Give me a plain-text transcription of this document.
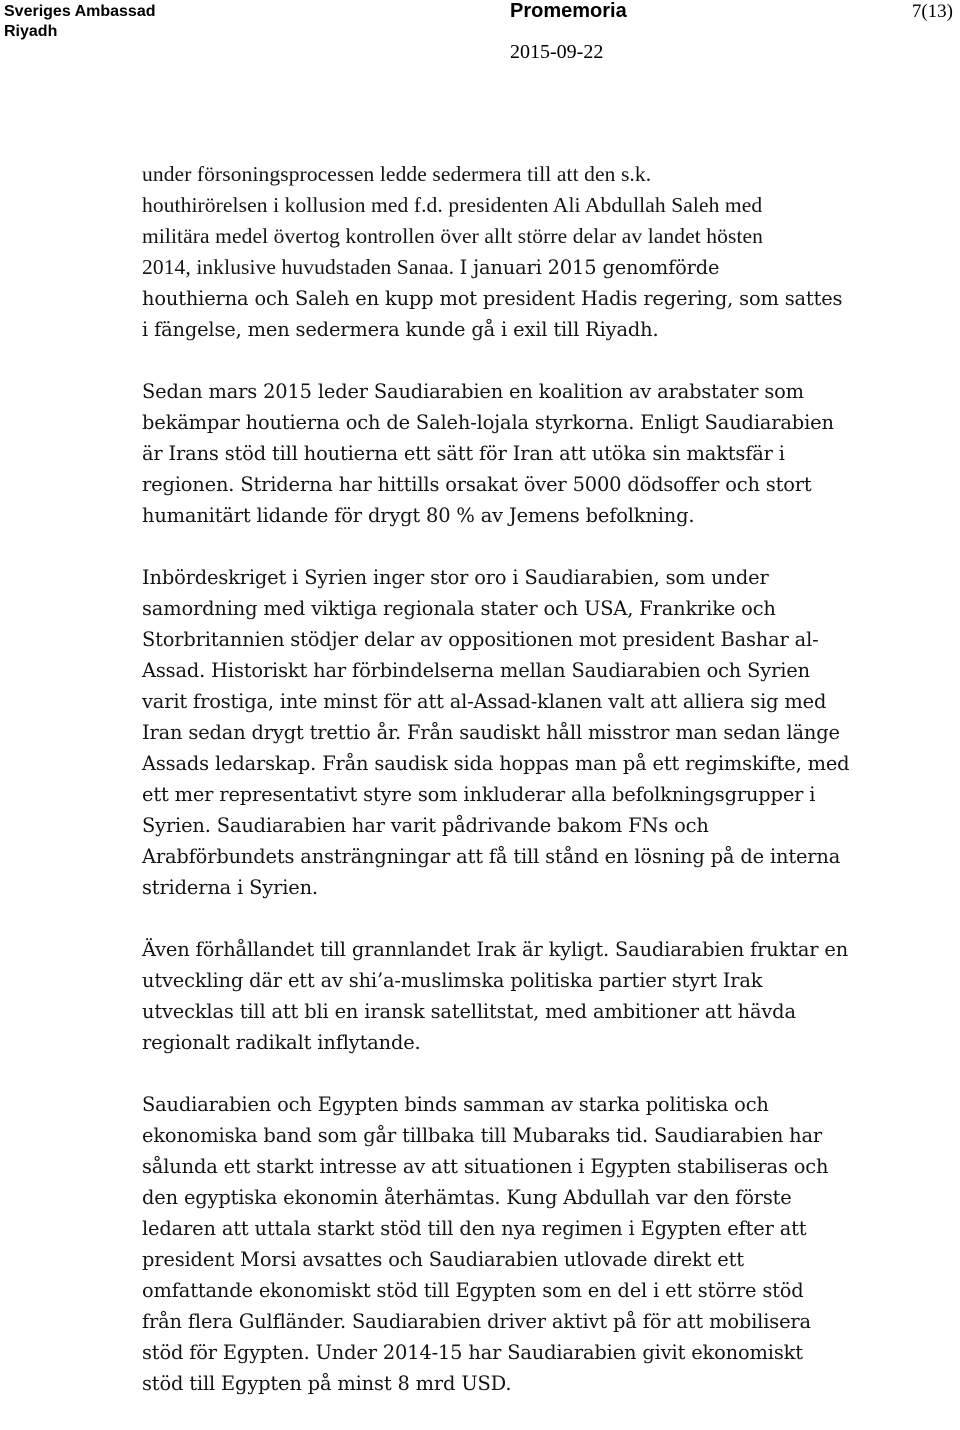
Sveriges Ambassad
Riyadh
Promemoria
2015-09-22
7(13)

under försoningsprocessen ledde sedermera till att den s.k.
houthirörelsen i kollusion med f.d. presidenten Ali Abdullah Saleh med
militära medel övertog kontrollen över allt större delar av landet hösten
2014, inklusive huvudstaden Sanaa. I januari 2015 genomförde
houthierna och Saleh en kupp mot president Hadis regering, som sattes
i fängelse, men sedermera kunde gå i exil till Riyadh.

Sedan mars 2015 leder Saudiarabien en koalition av arabstater som
bekämpar houtierna och de Saleh-lojala styrkorna. Enligt Saudiarabien
är Irans stöd till houtierna ett sätt för Iran att utöka sin maktsfär i
regionen. Striderna har hittills orsakat över 5000 dödsoffer och stort
humanitärt lidande för drygt 80 % av Jemens befolkning.

Inbördeskriget i Syrien inger stor oro i Saudiarabien, som under
samordning med viktiga regionala stater och USA, Frankrike och
Storbritannien stödjer delar av oppositionen mot president Bashar al-
Assad. Historiskt har förbindelserna mellan Saudiarabien och Syrien
varit frostiga, inte minst för att al-Assad-klanen valt att alliera sig med
Iran sedan drygt trettio år. Från saudiskt håll misstror man sedan länge
Assads ledarskap. Från saudisk sida hoppas man på ett regimskifte, med
ett mer representativt styre som inkluderar alla befolkningsgrupper i
Syrien. Saudiarabien har varit pådrivande bakom FNs och
Arabförbundets ansträngningar att få till stånd en lösning på de interna
striderna i Syrien.

Även förhållandet till grannlandet Irak är kyligt. Saudiarabien fruktar en
utveckling där ett av shi’a-muslimska politiska partier styrt Irak
utvecklas till att bli en iransk satellitstat, med ambitioner att hävda
regionalt radikalt inflytande.

Saudiarabien och Egypten binds samman av starka politiska och
ekonomiska band som går tillbaka till Mubaraks tid. Saudiarabien har
sålunda ett starkt intresse av att situationen i Egypten stabiliseras och
den egyptiska ekonomin återhämtas. Kung Abdullah var den förste
ledaren att uttala starkt stöd till den nya regimen i Egypten efter att
president Morsi avsattes och Saudiarabien utlovade direkt ett
omfattande ekonomiskt stöd till Egypten som en del i ett större stöd
från flera Gulfländer. Saudiarabien driver aktivt på för att mobilisera
stöd för Egypten. Under 2014-15 har Saudiarabien givit ekonomiskt
stöd till Egypten på minst 8 mrd USD.
